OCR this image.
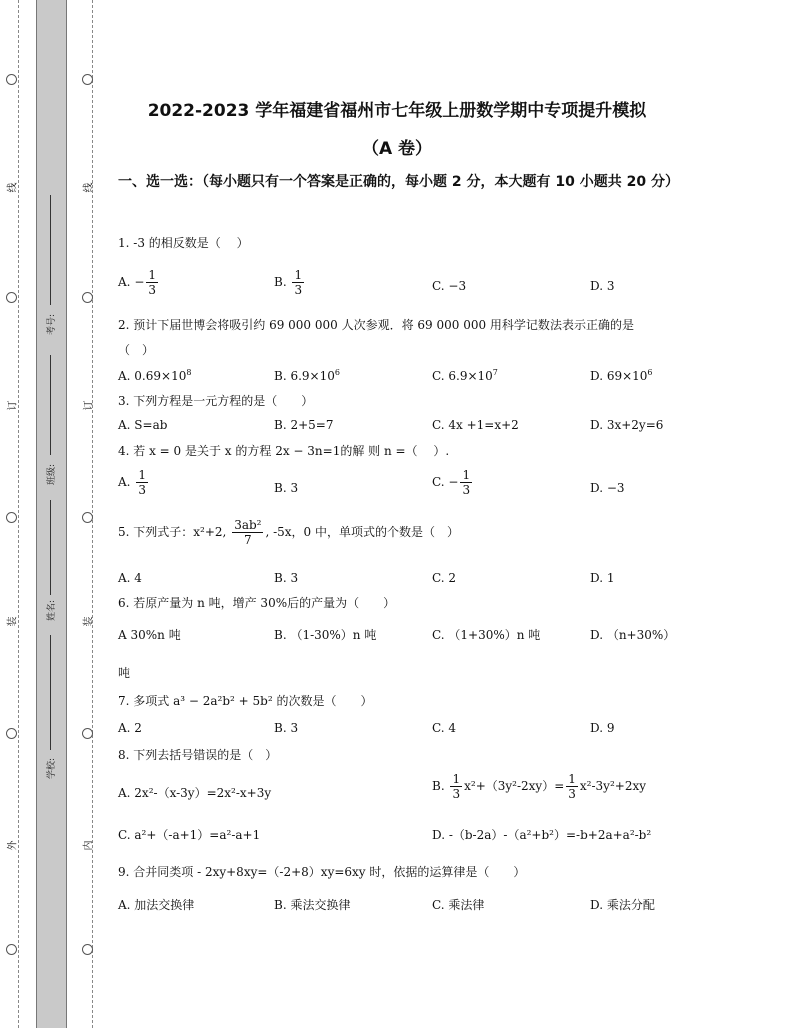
线
订
装
外
线
订
装
内
考号:
班级:
姓名:
学校:
2022-2023 学年福建省福州市七年级上册数学期中专项提升模拟
（A 卷）
一、选一选：（每小题只有一个答案是正确的，每小题 2 分，本大题有 10 小题共 20 分）
1. -3 的相反数是（　 ）
A. − $\frac{1}{3}$	B. $\frac{1}{3}$	C. −3	D. 3
2. 预计下届世博会将吸引约 69 000 000 人次参观．将 69 000 000 用科学记数法表示正确的是
（　）
A. $0.69\times 10^8$	B. $6.9\times 10^6$	C. $6.9\times 10^7$	D. $69\times 10^6$
3. 下列方程是一元方程的是（　　）
A. S=ab	B. 2+5=7	C. 4x +1=x+2	D. 3x+2y=6
4. 若 x = 0 是关于 x 的方程 2x − 3n=1的解 则 n =（　 ）.
A. $\frac{1}{3}$	B. 3	C. − $\frac{1}{3}$	D. −3
5. 下列式子：x²+2, $\frac{\text{3ab²}}{7}$ , -5x，0 中，单项式的个数是（　）
A. 4	B. 3	C. 2	D. 1
6. 若原产量为 n 吨，增产 30%后的产量为（　　）
A 30%n 吨	B. （1-30%）n 吨	C. （1+30%）n 吨	D. （n+30%）
吨
7. 多项式 a³ − 2a²b² + 5b² 的次数是（　　）
A. 2	B. 3	C. 4	D. 9
8. 下列去括号错误的是（　）
A. 2x²-（x-3y）=2x²-x+3y	B. $\frac{1}{3} x^2+(3y^2-2xy)= \frac{1}{3} x^2-3y^2+2xy$
C. a²+（-a+1）=a²-a+1	D. -（b-2a）-（a²+b²）=-b+2a+a²-b²
9. 合并同类项 - 2xy+8xy=（-2+8）xy=6xy 时，依据的运算律是（　　）
A. 加法交换律	B. 乘法交换律	C. 乘法律	D. 乘法分配
